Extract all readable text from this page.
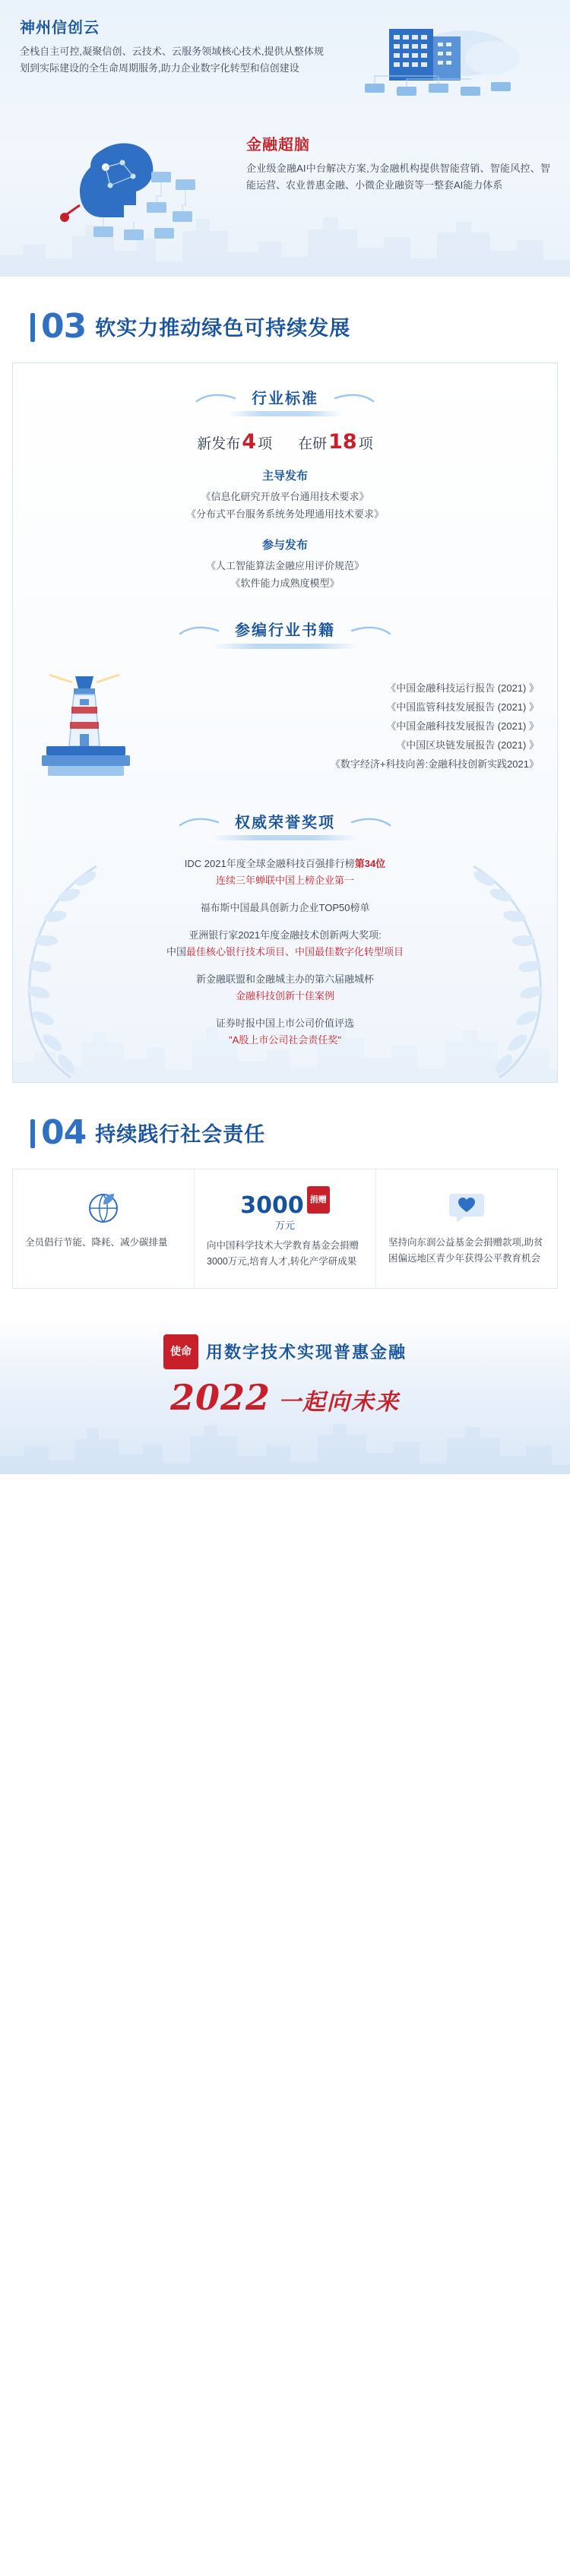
神州信创云
全栈自主可控,凝聚信创、云技术、云服务领域核心技术,提供从整体规划到实际建设的全生命周期服务,助力企业数字化转型和信创建设
金融超脑
企业级金融AI中台解决方案,为金融机构提供智能营销、智能风控、智能运营、农业普惠金融、小微企业融资等一整套AI能力体系
03 软实力推动绿色可持续发展
行业标准
新发布4 项 在研18 项
主导发布
《信息化研究开放平台通用技术要求》
《分布式平台服务系统务处理通用技术要求》
参与发布
《人工智能算法金融应用评价规范》
《软件能力成熟度模型》
参编行业书籍
《中国金融科技运行报告 (2021) 》
《中国监管科技发展报告 (2021) 》
《中国金融科技发展报告 (2021) 》
《中国区块链发展报告 (2021) 》
《数字经济+科技向善:金融科技创新实践2021》
权威荣誉奖项
IDC 2021年度全球金融科技百强排行榜第34位
连续三年蝉联中国上榜企业第一
福布斯中国最具创新力企业TOP50榜单
亚洲银行家2021年度金融技术创新两大奖项:
中国最佳核心银行技术项目、中国最佳数字化转型项目
新金融联盟和金融城主办的第六届融城杯
金融科技创新十佳案例
证券时报中国上市公司价值评选
"A股上市公司社会责任奖"
04 持续践行社会责任
全员倡行节能、降耗、减少碳排量
3000 捐赠
万元
向中国科学技术大学教育基金会捐赠3000万元,培育人才,转化产学研成果
坚持向东润公益基金会捐赠款项,助贫困偏远地区青少年获得公平教育机会
使命 用数字技术实现普惠金融
2022 一起向未来
